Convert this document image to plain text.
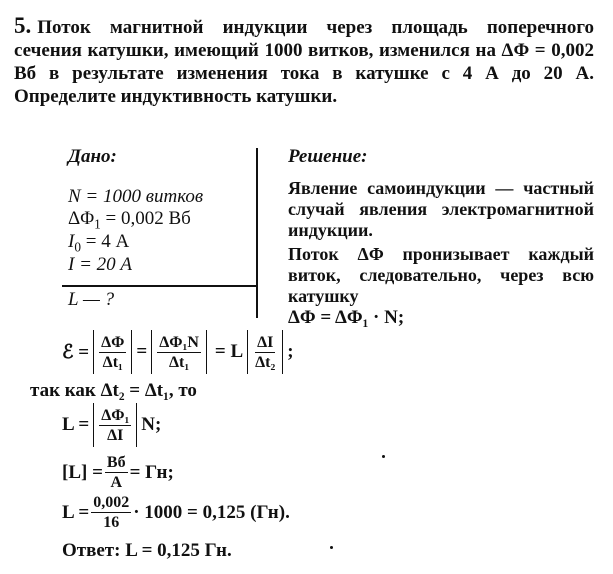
5. Поток магнитной индукции через площадь поперечного сечения катушки, имеющий 1000 витков, изменился на ΔΦ = 0,002 Вб в результате изменения тока в катушке с 4 А до 20 А. Определите индуктивность катушки.

Дано:	Решение:
N = 1000 витков
$\Delta\Phi_1 = 0,002$ Вб
$I_0 = 4$ А
I = 20 А
L — ?

Явление самоиндукции — частный случай явления электромагнитной индукции.

Поток ΔΦ пронизывает каждый виток, следовательно, через всю катушку

ΔΦ = ΔΦ₁ · N;
ℰ = $\frac{\Delta\Phi}{\text{Δt₁}} = \frac{\text{ΔΦ₁N}}{\text{Δt₁}} = L \frac{\Delta I}{\text{Δt₂}}$ ;
так как Δt₂ = Δt₁, то
$L = \frac{\text{ΔΦ₁}}{\Delta I} N$;
$[L] = \frac{Вб}{А}$ = Гн;
$L = \frac{0,002}{16} \cdot 1000 = 0,125$ (Гн).
Ответ: L = 0,125 Гн.
